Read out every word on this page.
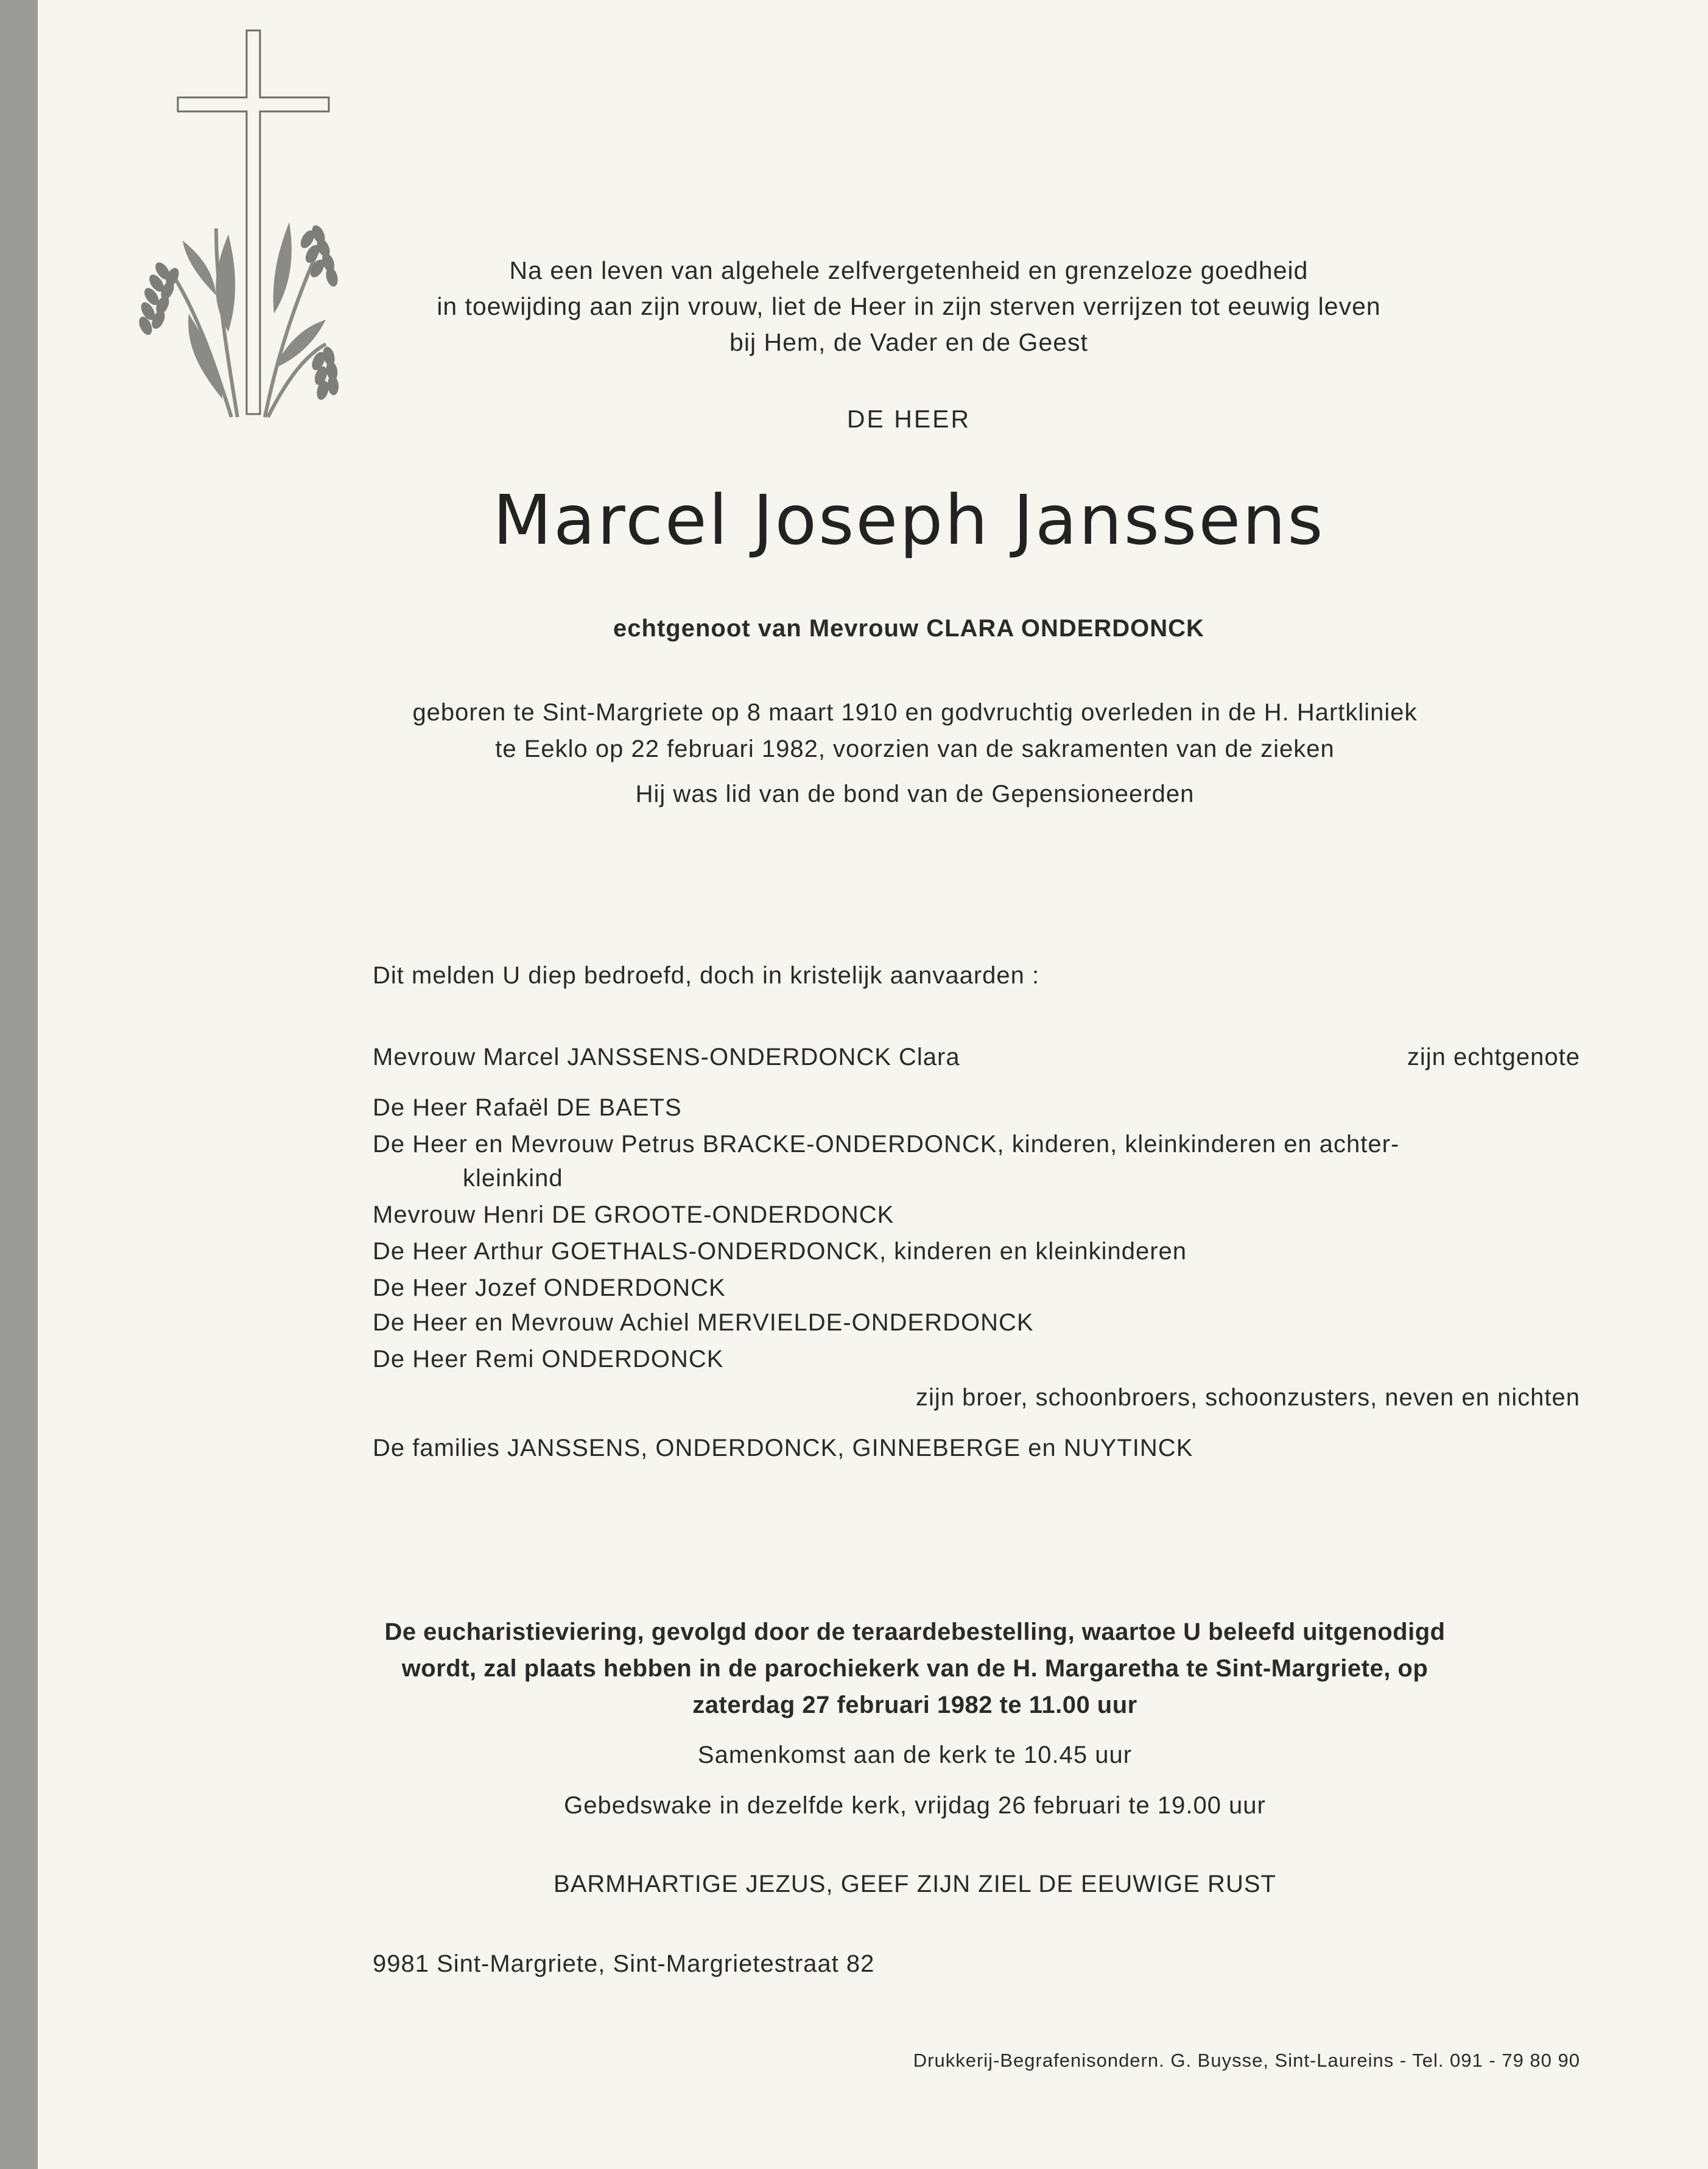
Na een leven van algehele zelfvergetenheid en grenzeloze goedheid
in toewijding aan zijn vrouw, liet de Heer in zijn sterven verrijzen tot eeuwig leven
bij Hem, de Vader en de Geest
DE HEER
Marcel Joseph Janssens
echtgenoot van Mevrouw CLARA ONDERDONCK
geboren te Sint-Margriete op 8 maart 1910 en godvruchtig overleden in de H. Hartkliniek
te Eeklo op 22 februari 1982, voorzien van de sakramenten van de zieken
Hij was lid van de bond van de Gepensioneerden
Dit melden U diep bedroefd, doch in kristelijk aanvaarden :
Mevrouw Marcel JANSSENS-ONDERDONCK Clara	zijn echtgenote
De Heer Rafaël DE BAETS
De Heer en Mevrouw Petrus BRACKE-ONDERDONCK, kinderen, kleinkinderen en achter-
kleinkind
Mevrouw Henri DE GROOTE-ONDERDONCK
De Heer Arthur GOETHALS-ONDERDONCK, kinderen en kleinkinderen
De Heer Jozef ONDERDONCK
De Heer en Mevrouw Achiel MERVIELDE-ONDERDONCK
De Heer Remi ONDERDONCK
zijn broer, schoonbroers, schoonzusters, neven en nichten
De families JANSSENS, ONDERDONCK, GINNEBERGE en NUYTINCK
De eucharistieviering, gevolgd door de teraardebestelling, waartoe U beleefd uitgenodigd
wordt, zal plaats hebben in de parochiekerk van de H. Margaretha te Sint-Margriete, op
zaterdag 27 februari 1982 te 11.00 uur
Samenkomst aan de kerk te 10.45 uur
Gebedswake in dezelfde kerk, vrijdag 26 februari te 19.00 uur
BARMHARTIGE JEZUS, GEEF ZIJN ZIEL DE EEUWIGE RUST
9981 Sint-Margriete, Sint-Margrietestraat 82
Drukkerij-Begrafenisondern. G. Buysse, Sint-Laureins - Tel. 091 - 79 80 90
